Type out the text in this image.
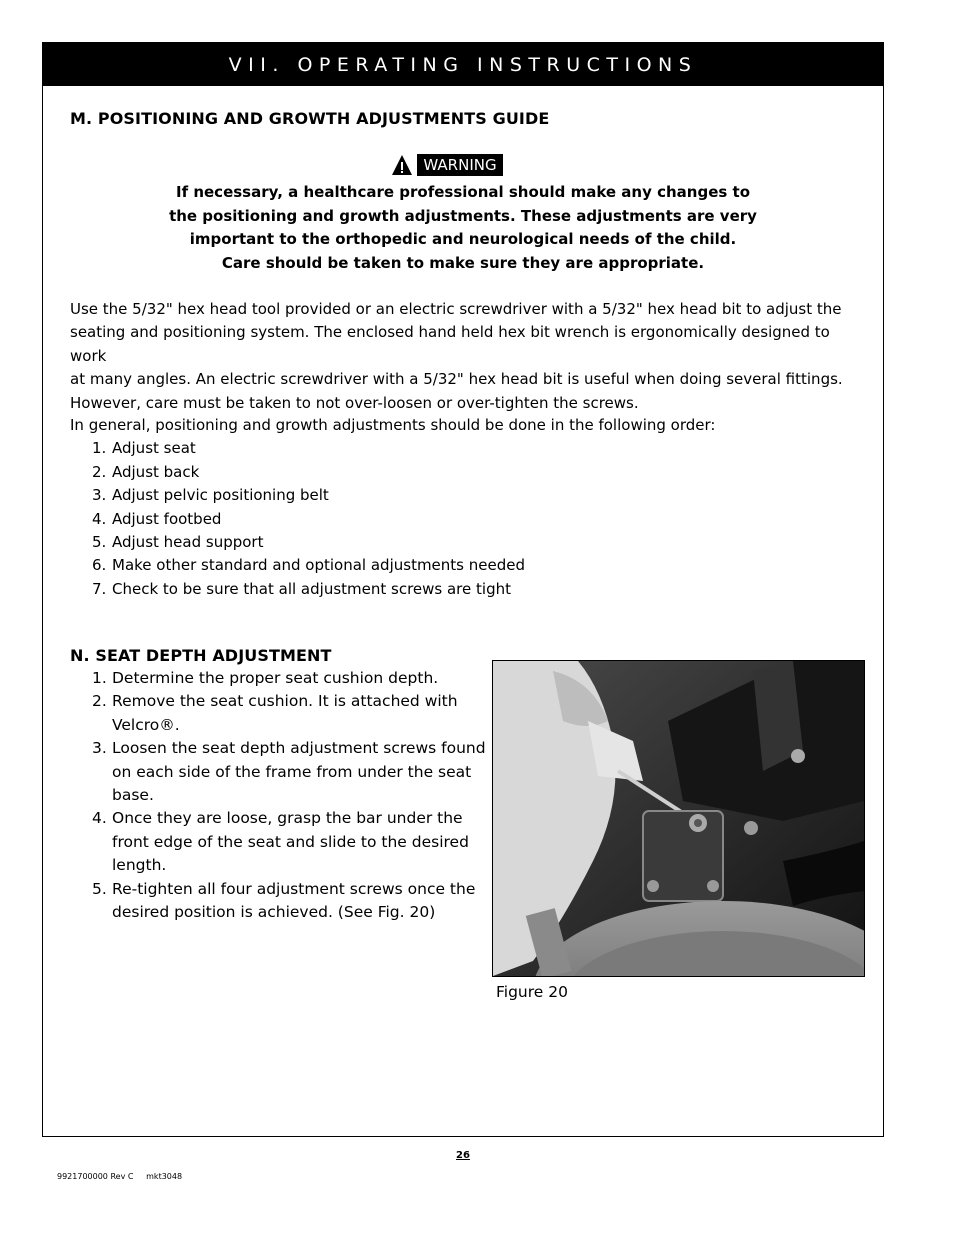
VII. OPERATING INSTRUCTIONS
M. POSITIONING AND GROWTH ADJUSTMENTS GUIDE
WARNING
If necessary, a healthcare professional should make any changes to
the positioning and growth adjustments. These adjustments are very
important to the orthopedic and neurological needs of the child.
Care should be taken to make sure they are appropriate.
Use the 5/32" hex head tool provided or an electric screwdriver with a 5/32" hex head bit to adjust the
seating and positioning system. The enclosed hand held hex bit wrench is ergonomically designed to work
at many angles. An electric screwdriver with a 5/32" hex head bit is useful when doing several fittings.
However, care must be taken to not over-loosen or over-tighten the screws.
In general, positioning and growth adjustments should be done in the following order:
1. Adjust seat
2. Adjust back
3. Adjust pelvic positioning belt
4. Adjust footbed
5. Adjust head support
6. Make other standard and optional adjustments needed
7. Check to be sure that all adjustment screws are tight
N. SEAT DEPTH ADJUSTMENT
1. Determine the proper seat cushion depth.
2. Remove the seat cushion. It is attached with Velcro®.
3. Loosen the seat depth adjustment screws found on each side of the frame from under the seat base.
4. Once they are loose, grasp the bar under the front edge of the seat and slide to the desired length.
5. Re-tighten all four adjustment screws once the desired position is achieved. (See Fig. 20)
Figure 20
26
9921700000 Rev C     mkt3048
